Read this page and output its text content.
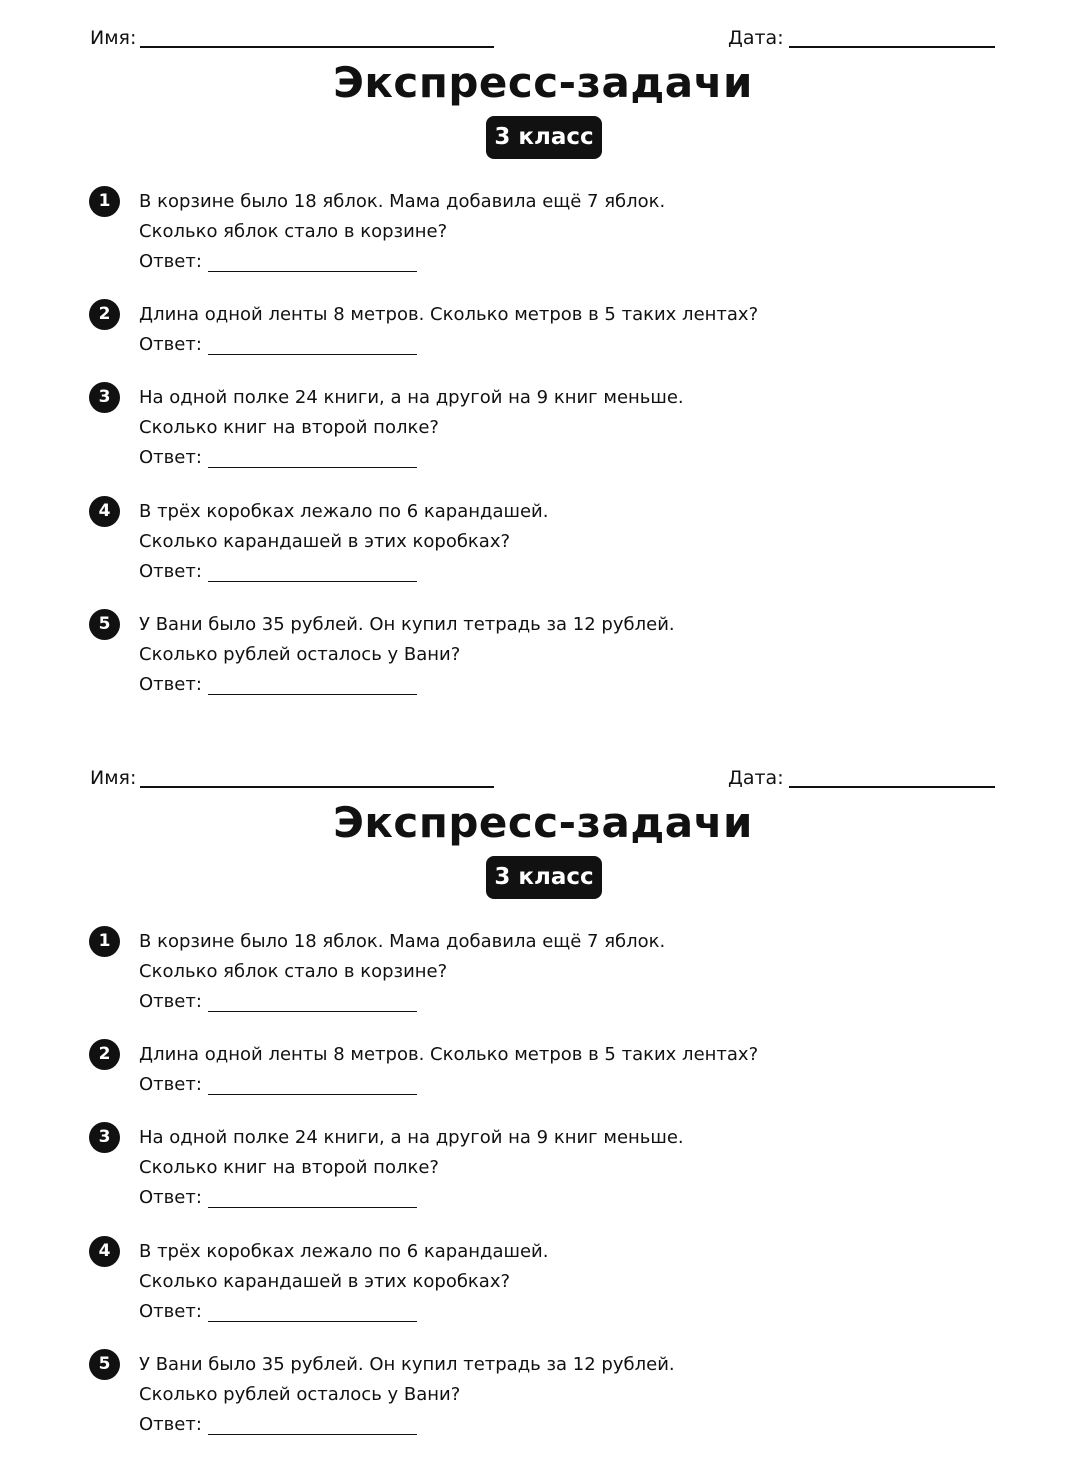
Имя:	Дата:
Экспресс-задачи
3 класс
1	В корзине было 18 яблок. Мама добавила ещё 7 яблок.
Сколько яблок стало в корзине?
Ответ:
2	Длина одной ленты 8 метров. Сколько метров в 5 таких лентах?
Ответ:
3	На одной полке 24 книги, а на другой на 9 книг меньше.
Сколько книг на второй полке?
Ответ:
4	В трёх коробках лежало по 6 карандашей.
Сколько карандашей в этих коробках?
Ответ:
5	У Вани было 35 рублей. Он купил тетрадь за 12 рублей.
Сколько рублей осталось у Вани?
Ответ:
Имя:	Дата:
Экспресс-задачи
3 класс
1	В корзине было 18 яблок. Мама добавила ещё 7 яблок.
Сколько яблок стало в корзине?
Ответ:
2	Длина одной ленты 8 метров. Сколько метров в 5 таких лентах?
Ответ:
3	На одной полке 24 книги, а на другой на 9 книг меньше.
Сколько книг на второй полке?
Ответ:
4	В трёх коробках лежало по 6 карандашей.
Сколько карандашей в этих коробках?
Ответ:
5	У Вани было 35 рублей. Он купил тетрадь за 12 рублей.
Сколько рублей осталось у Вани?
Ответ:
